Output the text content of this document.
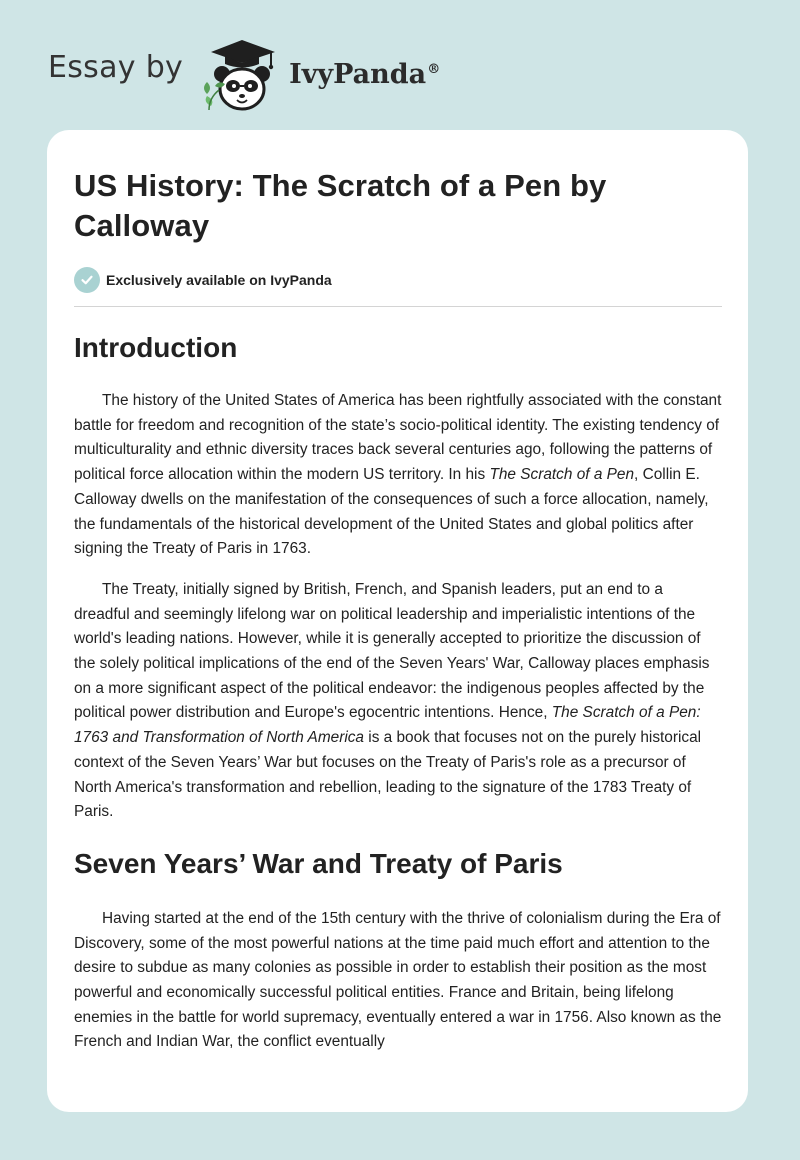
Essay by	IvyPanda®
US History: The Scratch of a Pen by Calloway
Exclusively available on IvyPanda
Introduction

The history of the United States of America has been rightfully associated with the constant battle for freedom and recognition of the state’s socio-political identity. The existing tendency of multiculturality and ethnic diversity traces back several centuries ago, following the patterns of political force allocation within the modern US territory. In his The Scratch of a Pen, Collin E. Calloway dwells on the manifestation of the consequences of such a force allocation, namely, the fundamentals of the historical development of the United States and global politics after signing the Treaty of Paris in 1763.

The Treaty, initially signed by British, French, and Spanish leaders, put an end to a dreadful and seemingly lifelong war on political leadership and imperialistic intentions of the world's leading nations. However, while it is generally accepted to prioritize the discussion of the solely political implications of the end of the Seven Years' War, Calloway places emphasis on a more significant aspect of the political endeavor: the indigenous peoples affected by the political power distribution and Europe's egocentric intentions. Hence, The Scratch of a Pen: 1763 and Transformation of North America is a book that focuses not on the purely historical context of the Seven Years’ War but focuses on the Treaty of Paris's role as a precursor of North America's transformation and rebellion, leading to the signature of the 1783 Treaty of Paris.

Seven Years’ War and Treaty of Paris

Having started at the end of the 15th century with the thrive of colonialism during the Era of Discovery, some of the most powerful nations at the time paid much effort and attention to the desire to subdue as many colonies as possible in order to establish their position as the most powerful and economically successful political entities. France and Britain, being lifelong enemies in the battle for world supremacy, eventually entered a war in 1756. Also known as the French and Indian War, the conflict eventually
